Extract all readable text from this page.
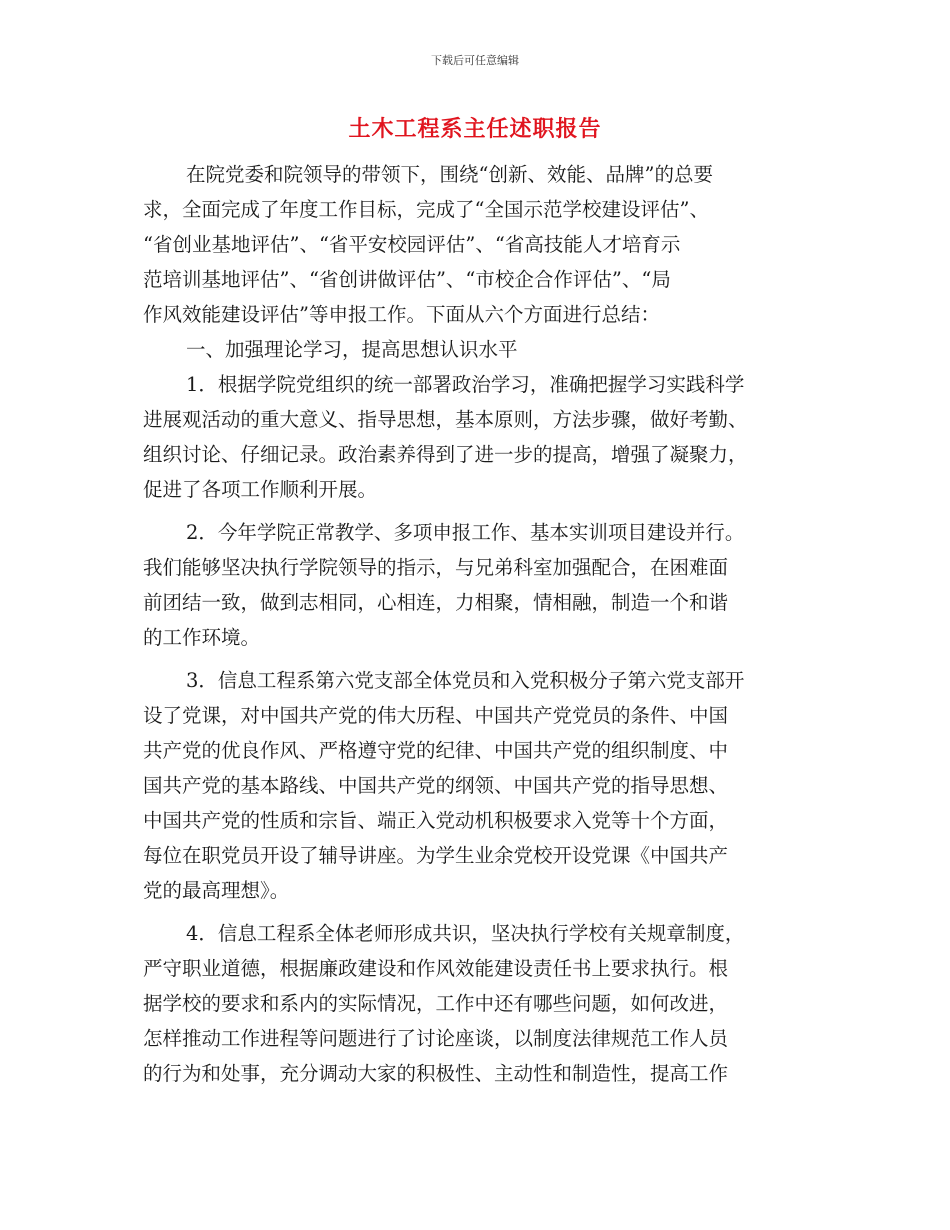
下载后可任意编辑
土木工程系主任述职报告
在院党委和院领导的带领下，围绕“创新、效能、品牌”的总要
求，全面完成了年度工作目标，完成了“全国示范学校建设评估”、
“省创业基地评估”、“省平安校园评估”、“省高技能人才培育示
范培训基地评估”、“省创讲做评估”、“市校企合作评估”、“局
作风效能建设评估”等申报工作。下面从六个方面进行总结：
一、加强理论学习，提高思想认识水平
1．根据学院党组织的统一部署政治学习，准确把握学习实践科学
进展观活动的重大意义、指导思想，基本原则，方法步骤，做好考勤、
组织讨论、仔细记录。政治素养得到了进一步的提高，增强了凝聚力，
促进了各项工作顺利开展。
2．今年学院正常教学、多项申报工作、基本实训项目建设并行。
我们能够坚决执行学院领导的指示，与兄弟科室加强配合，在困难面
前团结一致，做到志相同，心相连，力相聚，情相融，制造一个和谐
的工作环境。
3．信息工程系第六党支部全体党员和入党积极分子第六党支部开
设了党课，对中国共产党的伟大历程、中国共产党党员的条件、中国
共产党的优良作风、严格遵守党的纪律、中国共产党的组织制度、中
国共产党的基本路线、中国共产党的纲领、中国共产党的指导思想、
中国共产党的性质和宗旨、端正入党动机积极要求入党等十个方面，
每位在职党员开设了辅导讲座。为学生业余党校开设党课《中国共产
党的最高理想》。
4．信息工程系全体老师形成共识，坚决执行学校有关规章制度，
严守职业道德，根据廉政建设和作风效能建设责任书上要求执行。根
据学校的要求和系内的实际情况，工作中还有哪些问题，如何改进，
怎样推动工作进程等问题进行了讨论座谈，以制度法律规范工作人员
的行为和处事，充分调动大家的积极性、主动性和制造性，提高工作
